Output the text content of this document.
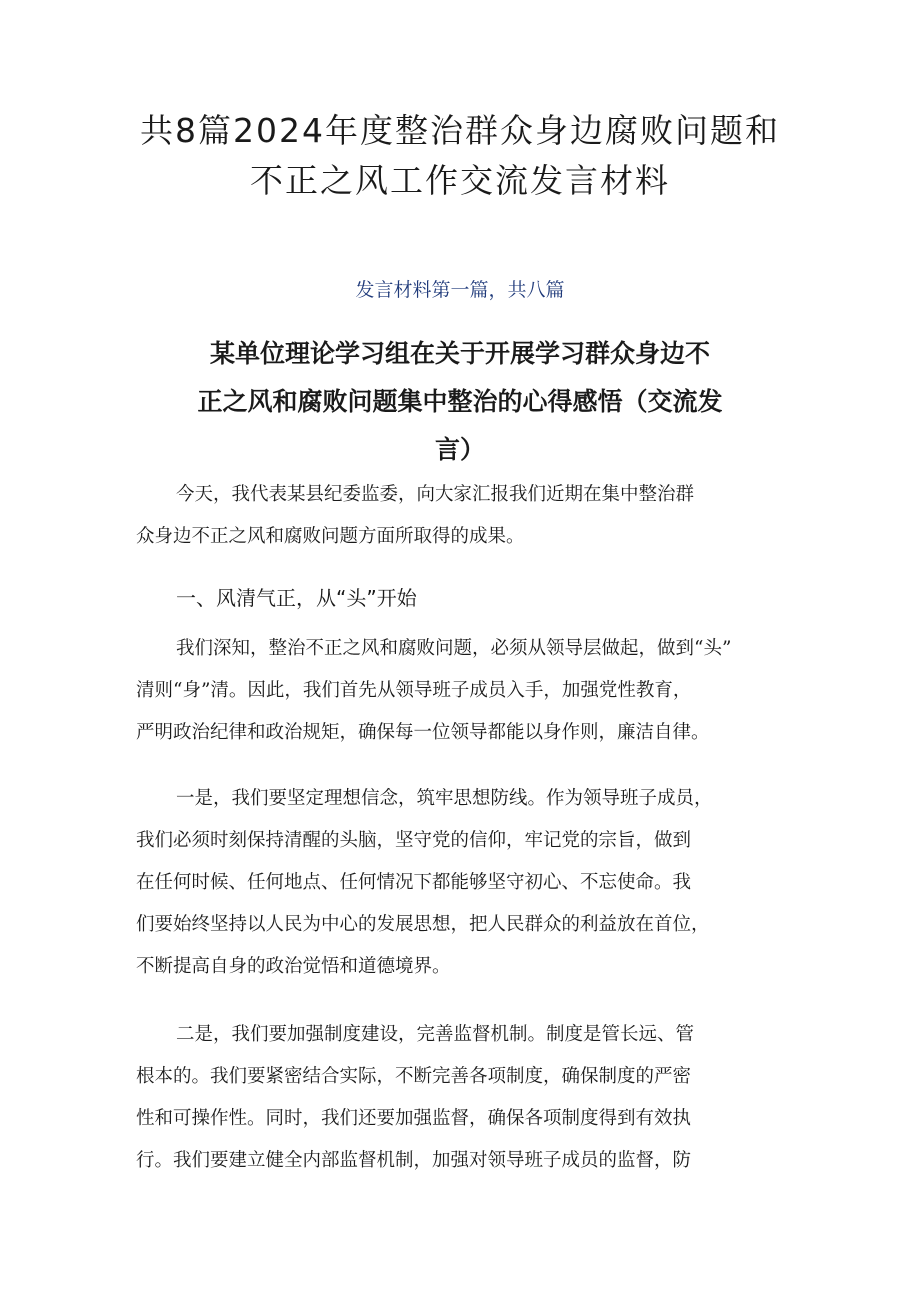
共8篇2024年度整治群众身边腐败问题和
不正之风工作交流发言材料

发言材料第一篇，共八篇

某单位理论学习组在关于开展学习群众身边不
正之风和腐败问题集中整治的心得感悟（交流发
言）

今天，我代表某县纪委监委，向大家汇报我们近期在集中整治群
众身边不正之风和腐败问题方面所取得的成果。

一、风清气正，从“头”开始

我们深知，整治不正之风和腐败问题，必须从领导层做起，做到“头”
清则“身”清。因此，我们首先从领导班子成员入手，加强党性教育，
严明政治纪律和政治规矩，确保每一位领导都能以身作则，廉洁自律。

一是，我们要坚定理想信念，筑牢思想防线。作为领导班子成员，
我们必须时刻保持清醒的头脑，坚守党的信仰，牢记党的宗旨，做到
在任何时候、任何地点、任何情况下都能够坚守初心、不忘使命。我
们要始终坚持以人民为中心的发展思想，把人民群众的利益放在首位，
不断提高自身的政治觉悟和道德境界。

二是，我们要加强制度建设，完善监督机制。制度是管长远、管
根本的。我们要紧密结合实际，不断完善各项制度，确保制度的严密
性和可操作性。同时，我们还要加强监督，确保各项制度得到有效执
行。我们要建立健全内部监督机制，加强对领导班子成员的监督，防
